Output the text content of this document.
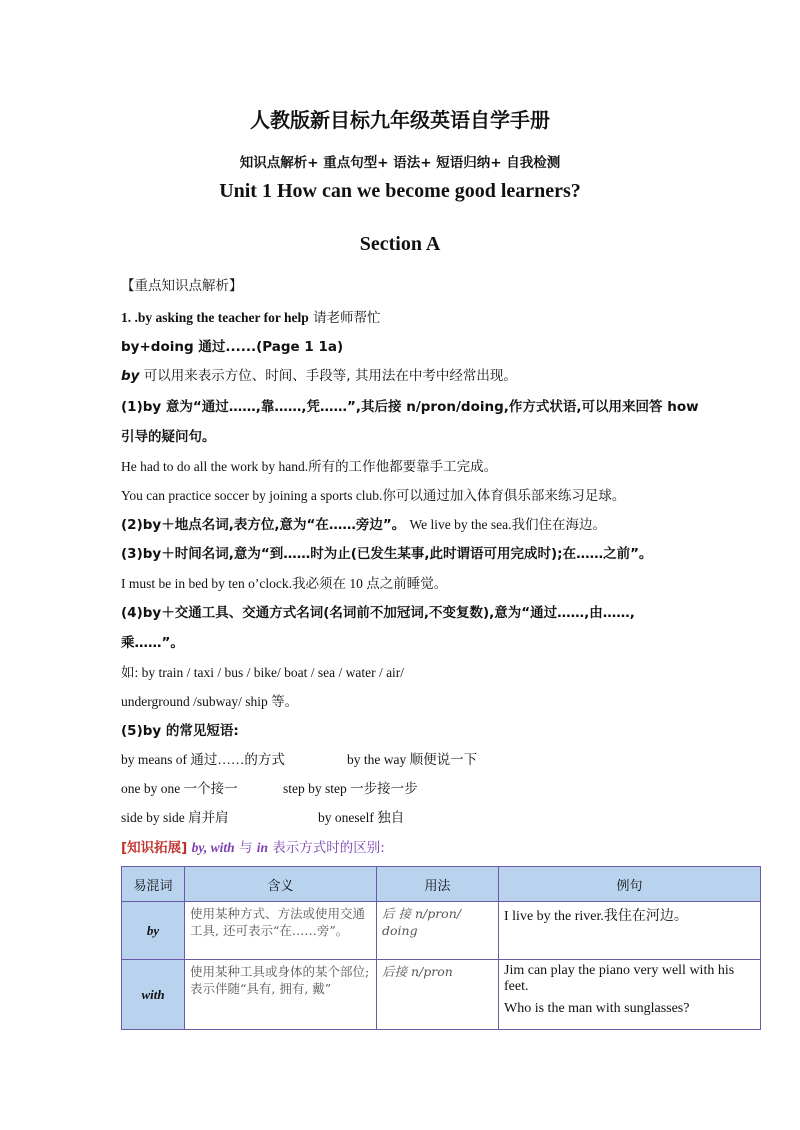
人教版新目标九年级英语自学手册
知识点解析+ 重点句型+ 语法+ 短语归纳+ 自我检测
Unit 1 How can we become good learners?
Section A
【重点知识点解析】
1. .by asking the teacher for help 请老师帮忙
by+doing 通过......(Page 1 1a)
by 可以用来表示方位、时间、手段等, 其用法在中考中经常出现。
(1)by 意为“通过……,靠……,凭……”,其后接 n/pron/doing,作方式状语,可以用来回答 how
引导的疑问句。
He had to do all the work by hand.所有的工作他都要靠手工完成。
You can practice soccer by joining a sports club.你可以通过加入体育俱乐部来练习足球。
(2)by＋地点名词,表方位,意为“在……旁边”。 We live by the sea.我们住在海边。
(3)by＋时间名词,意为“到……时为止(已发生某事,此时谓语可用完成时);在……之前”。
I must be in bed by ten o’clock.我必须在 10 点之前睡觉。
(4)by＋交通工具、交通方式名词(名词前不加冠词,不变复数),意为“通过……,由……,
乘……”。
如: by train / taxi / bus / bike/ boat / sea / water / air/
underground /subway/ ship 等。
(5)by 的常见短语:
by means of 通过……的方式	by the way 顺便说一下
one by one 一个接一	step by step 一步接一步
side by side 肩并肩	by oneself 独自
[知识拓展] by, with 与 in 表示方式时的区别:
易混词	含义	用法	例句
by	使用某种方式、方法或使用交通工具, 还可表示“在……旁”。	后 接 n/pron/ doing	I live by the river.我住在河边。

with	使用某种工具或身体的某个部位;表示伴随“具有, 拥有, 戴”	后接 n/pron	Jim can play the piano very well with his feet.
Who is the man with sunglasses?
